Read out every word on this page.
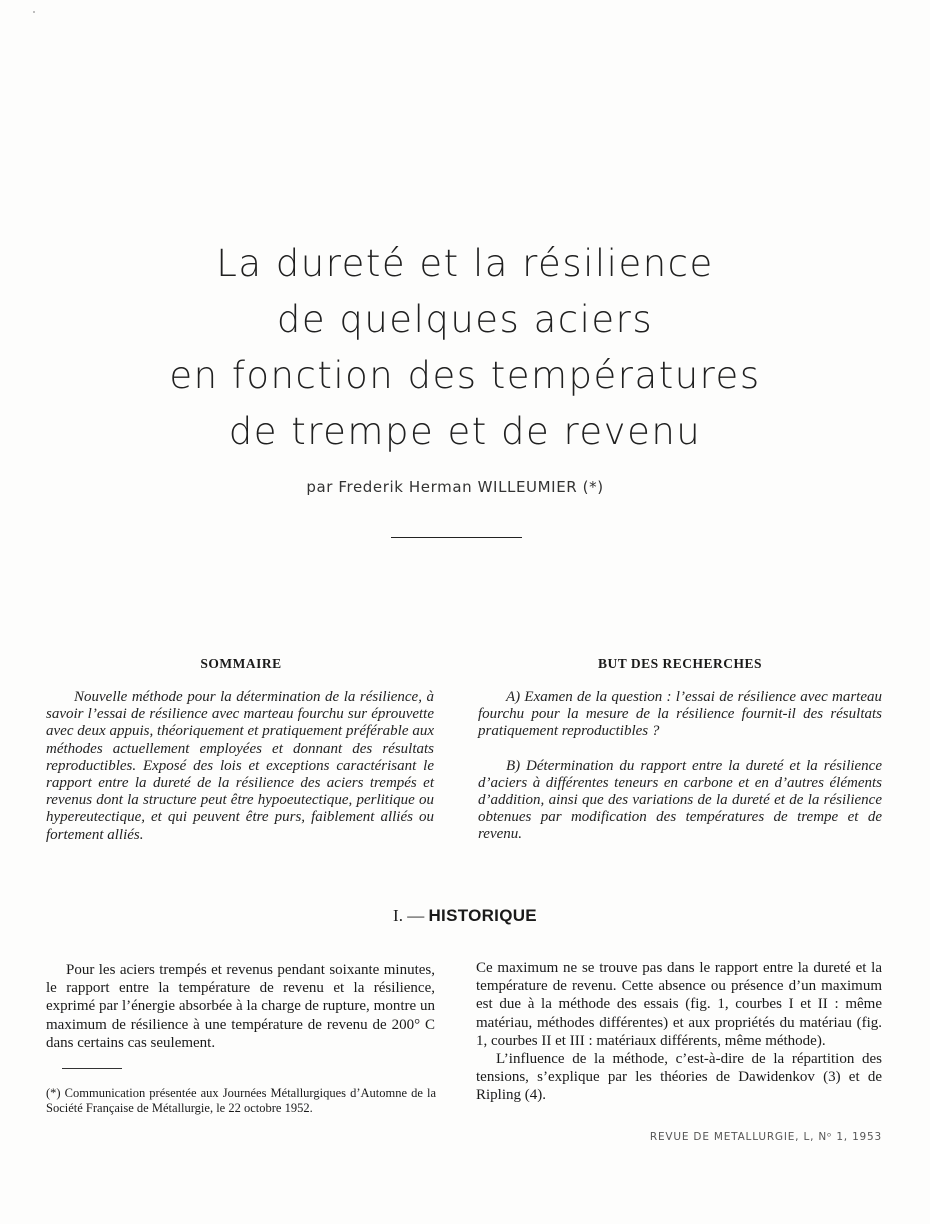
La dureté et la résilience
de quelques aciers
en fonction des températures
de trempe et de revenu
par Frederik Herman WILLEUMIER (*)
SOMMAIRE

Nouvelle méthode pour la détermination de la résilience, à savoir l’essai de résilience avec marteau fourchu sur éprouvette avec deux appuis, théoriquement et pratiquement préférable aux méthodes actuellement employées et donnant des résultats reproductibles. Exposé des lois et exceptions caractérisant le rapport entre la dureté de la résilience des aciers trempés et revenus dont la structure peut être hypoeutectique, perlitique ou hypereutectique, et qui peuvent être purs, faiblement alliés ou fortement alliés.

BUT DES RECHERCHES

A) Examen de la question : l’essai de résilience avec marteau fourchu pour la mesure de la résilience fournit-il des résultats pratiquement reproductibles ?

B) Détermination du rapport entre la dureté et la résilience d’aciers à différentes teneurs en carbone et en d’autres éléments d’addition, ainsi que des variations de la dureté et de la résilience obtenues par modification des températures de trempe et de revenu.

I. — HISTORIQUE

Pour les aciers trempés et revenus pendant soixante minutes, le rapport entre la température de revenu et la résilience, exprimé par l’énergie absorbée à la charge de rupture, montre un maximum de résilience à une température de revenu de 200° C dans certains cas seulement.

(*) Communication présentée aux Journées Métallurgiques d’Automne de la Société Française de Métallurgie, le 22 octobre 1952.

Ce maximum ne se trouve pas dans le rapport entre la dureté et la température de revenu. Cette absence ou présence d’un maximum est due à la méthode des essais (fig. 1, courbes I et II : même matériau, méthodes différentes) et aux propriétés du matériau (fig. 1, courbes II et III : matériaux différents, même méthode).

L’influence de la méthode, c’est-à-dire de la répartition des tensions, s’explique par les théories de Dawidenkov (3) et de Ripling (4).

REVUE DE METALLURGIE, L, Nᵒ 1, 1953
